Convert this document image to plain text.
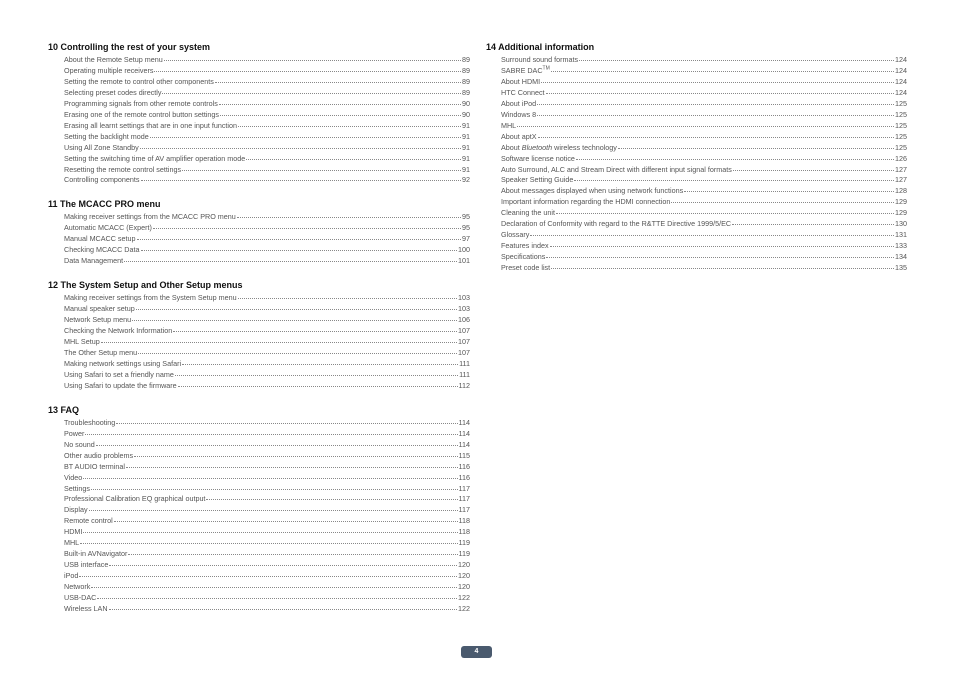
10 Controlling the rest of your system
About the Remote Setup menu	89
Operating multiple receivers	89
Setting the remote to control other components	89
Selecting preset codes directly	89
Programming signals from other remote controls	90
Erasing one of the remote control button settings	90
Erasing all learnt settings that are in one input function	91
Setting the backlight mode	91
Using All Zone Standby	91
Setting the switching time of AV amplifier operation mode	91
Resetting the remote control settings	91
Controlling components	92
11 The MCACC PRO menu
Making receiver settings from the MCACC PRO menu	95
Automatic MCACC (Expert)	95
Manual MCACC setup	97
Checking MCACC Data	100
Data Management	101
12 The System Setup and Other Setup menus
Making receiver settings from the System Setup menu	103
Manual speaker setup	103
Network Setup menu	106
Checking the Network Information	107
MHL Setup	107
The Other Setup menu	107
Making network settings using Safari	111
Using Safari to set a friendly name	111
Using Safari to update the firmware	112
13 FAQ
Troubleshooting	114
Power	114
No sound	114
Other audio problems	115
BT AUDIO terminal	116
Video	116
Settings	117
Professional Calibration EQ graphical output	117
Display	117
Remote control	118
HDMI	118
MHL	119
Built-in AVNavigator	119
USB interface	120
iPod	120
Network	120
USB-DAC	122
Wireless LAN	122
14 Additional information
Surround sound formats	124
SABRE DAC™	124
About HDMI	124
HTC Connect	124
About iPod	125
Windows 8	125
MHL	125
About aptX	125
About Bluetooth wireless technology	125
Software license notice	126
Auto Surround, ALC and Stream Direct with different input signal formats	127
Speaker Setting Guide	127
About messages displayed when using network functions	128
Important information regarding the HDMI connection	129
Cleaning the unit	129
Declaration of Conformity with regard to the R&TTE Directive 1999/5/EC	130
Glossary	131
Features index	133
Specifications	134
Preset code list	135
4
